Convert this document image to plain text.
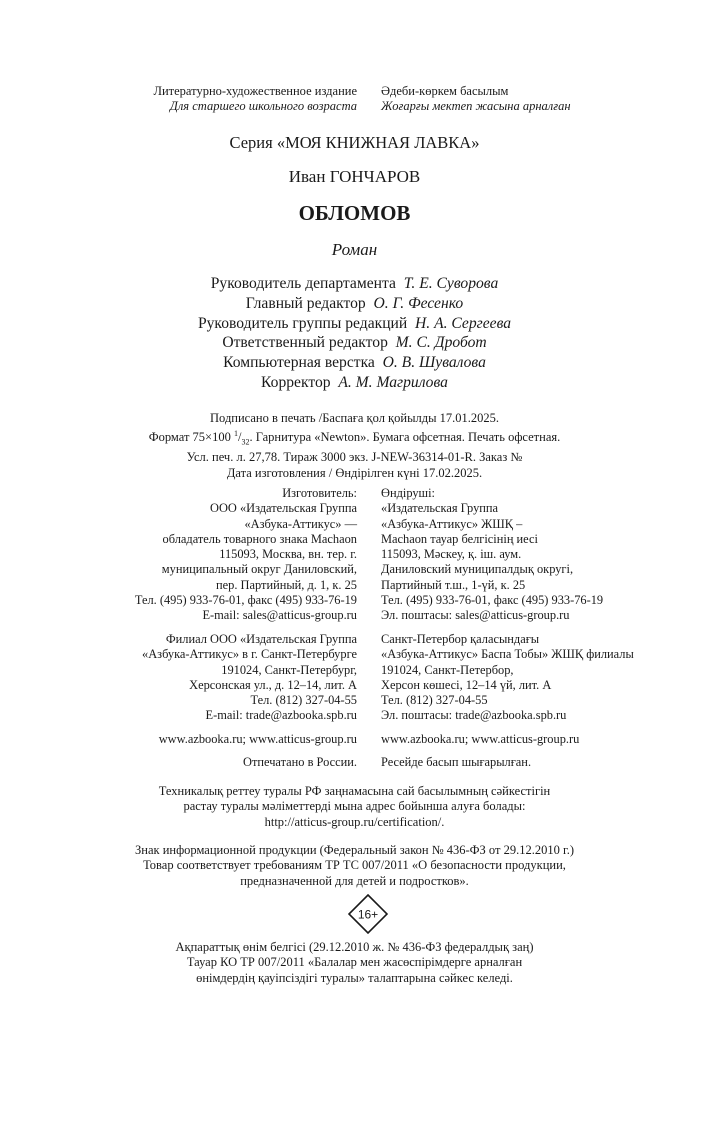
Литературно-художественное издание
Для старшего школьного возраста
Әдеби-көркем басылым
Жоғарғы мектеп жасына арналған
Серия «МОЯ КНИЖНАЯ ЛАВКА»
Иван ГОНЧАРОВ
ОБЛОМОВ
Роман
Руководитель департамента Т. Е. Суворова
Главный редактор О. Г. Фесенко
Руководитель группы редакций Н. А. Сергеева
Ответственный редактор М. С. Дробот
Компьютерная верстка О. В. Шувалова
Корректор А. М. Магрилова
Подписано в печать /Баспаға қол қойылды 17.01.2025.
Формат 75×100 $^1/_{32}$. Гарнитура «Newton». Бумага офсетная. Печать офсетная.
Усл. печ. л. 27,78. Тираж 3000 экз. J-NEW-36314-01-R. Заказ №
Дата изготовления / Өндірілген күні 17.02.2025.
Изготовитель:
ООО «Издательская Группа
«Азбука-Аттикус» —
обладатель товарного знака Machaon
115093, Москва, вн. тер. г.
муниципальный округ Даниловский,
пер. Партийный, д. 1, к. 25
Тел. (495) 933-76-01, факс (495) 933-76-19
E-mail: sales@atticus-group.ru
Өндіруші:
«Издательская Группа
«Азбука-Аттикус» ЖШҚ –
Machaon тауар белгісінің иесі
115093, Мәскеу, қ. іш. аум.
Даниловский муниципалдық округі,
Партийный т.ш., 1-үй, к. 25
Тел. (495) 933-76-01, факс (495) 933-76-19
Эл. поштасы: sales@atticus-group.ru
Филиал ООО «Издательская Группа
«Азбука-Аттикус» в г. Санкт-Петербурге
191024, Санкт-Петербург,
Херсонская ул., д. 12–14, лит. А
Тел. (812) 327-04-55
E-mail: trade@azbooka.spb.ru
Санкт-Петербор қаласындағы
«Азбука-Аттикус» Баспа Тобы» ЖШҚ филиалы
191024, Санкт-Петербор,
Херсон көшесі, 12–14 үй, лит. А
Тел. (812) 327-04-55
Эл. поштасы: trade@azbooka.spb.ru
www.azbooka.ru; www.atticus-group.ru www.azbooka.ru; www.atticus-group.ru
Отпечатано в России. Ресейде басып шығарылған.
Техникалық реттеу туралы РФ заңнамасына сай басылымның сәйкестігін
растау туралы мәліметтерді мына адрес бойынша алуға болады:
http://atticus-group.ru/certification/.
Знак информационной продукции (Федеральный закон № 436-ФЗ от 29.12.2010 г.)
Товар соответствует требованиям ТР ТС 007/2011 «О безопасности продукции,
предназначенной для детей и подростков».
16+
Ақпараттық өнім белгісі (29.12.2010 ж. № 436-ФЗ федералдық заң)
Тауар КО ТР 007/2011 «Балалар мен жасөспірімдерге арналған
өнімдердің қауіпсіздігі туралы» талаптарына сәйкес келеді.
